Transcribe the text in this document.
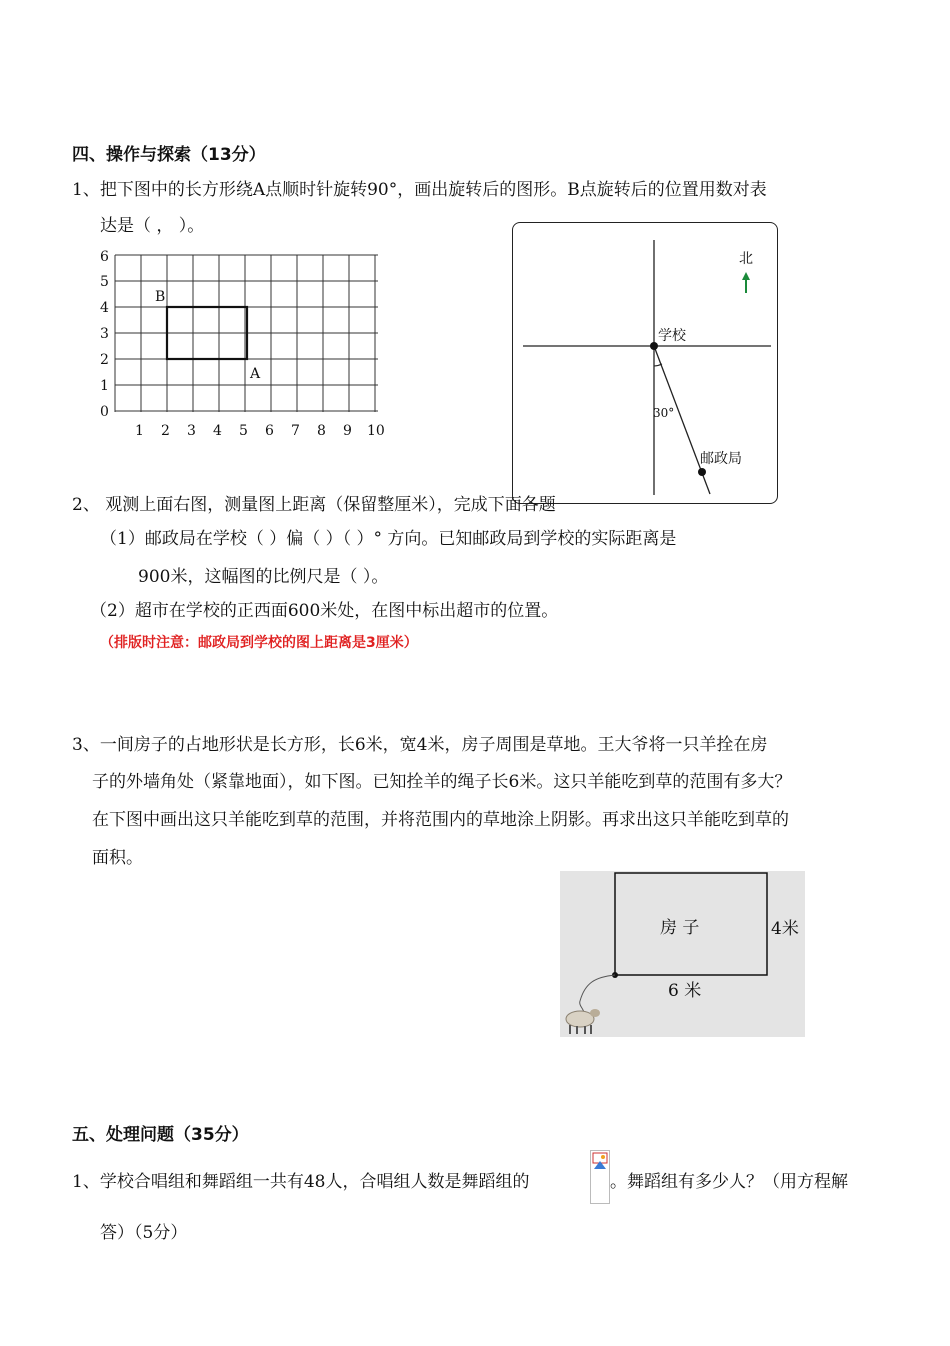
四、操作与探索（13分）
1、把下图中的长方形绕A点顺时针旋转90°，画出旋转后的图形。B点旋转后的位置用数对表
达是（ ， ）。
0
1
2
3
4
5
6
1 2 3 4 5 6 7 8 9 10
B
A
北
学校
30°
邮政局
2、 观测上面右图，测量图上距离（保留整厘米），完成下面各题
（1）邮政局在学校（ ）偏（ ）（ ）° 方向。已知邮政局到学校的实际距离是
900米，这幅图的比例尺是（ ）。
（2）超市在学校的正西面600米处，在图中标出超市的位置。
（排版时注意：邮政局到学校的图上距离是3厘米）
3、一间房子的占地形状是长方形，长6米，宽4米，房子周围是草地。王大爷将一只羊拴在房
子的外墙角处（紧靠地面），如下图。已知拴羊的绳子长6米。这只羊能吃到草的范围有多大？
在下图中画出这只羊能吃到草的范围，并将范围内的草地涂上阴影。再求出这只羊能吃到草的
面积。
房 子	4米
6 米
五、处理问题（35分）
1、学校合唱组和舞蹈组一共有48人，合唱组人数是舞蹈组的	。舞蹈组有多少人？（用方程解
答）（5分）
